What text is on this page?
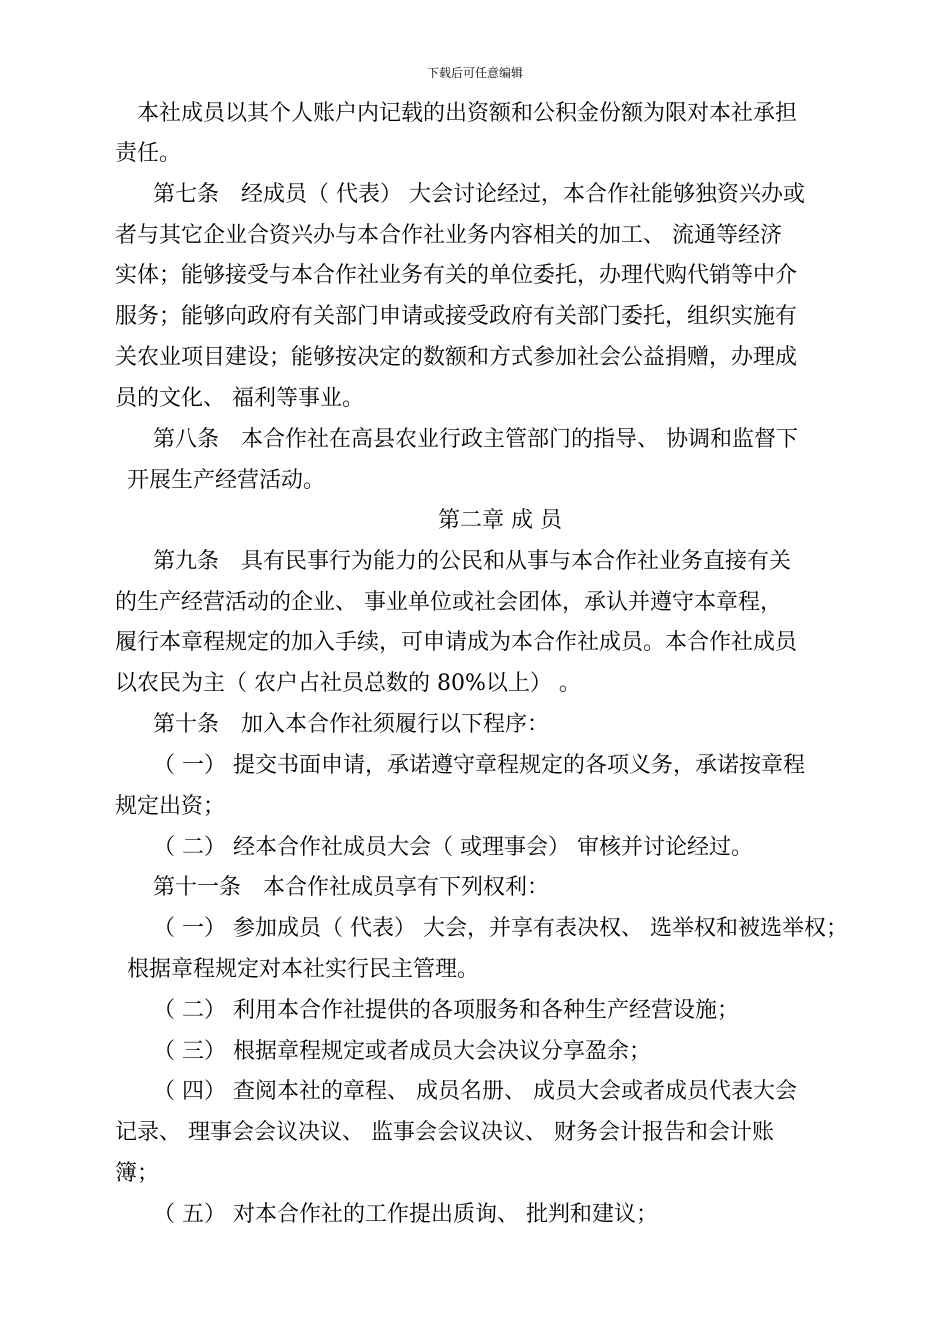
下载后可任意编辑
本社成员以其个人账户内记载的出资额和公积金份额为限对本社承担
责任。
第七条　经成员（ 代表） 大会讨论经过，本合作社能够独资兴办或
者与其它企业合资兴办与本合作社业务内容相关的加工、 流通等经济
实体；能够接受与本合作社业务有关的单位委托，办理代购代销等中介
服务；能够向政府有关部门申请或接受政府有关部门委托，组织实施有
关农业项目建设；能够按决定的数额和方式参加社会公益捐赠，办理成
员的文化、 福利等事业。
第八条　本合作社在高县农业行政主管部门的指导、 协调和监督下
开展生产经营活动。
第二章 成 员
第九条　具有民事行为能力的公民和从事与本合作社业务直接有关
的生产经营活动的企业、 事业单位或社会团体，承认并遵守本章程，
履行本章程规定的加入手续，可申请成为本合作社成员。本合作社成员
以农民为主（ 农户占社员总数的 80%以上） 。
第十条　加入本合作社须履行以下程序：
（ 一） 提交书面申请，承诺遵守章程规定的各项义务，承诺按章程
规定出资；
（ 二） 经本合作社成员大会（ 或理事会） 审核并讨论经过。
第十一条　本合作社成员享有下列权利：
（ 一） 参加成员（ 代表） 大会，并享有表决权、 选举权和被选举权；
根据章程规定对本社实行民主管理。
（ 二） 利用本合作社提供的各项服务和各种生产经营设施；
（ 三） 根据章程规定或者成员大会决议分享盈余；
（ 四） 查阅本社的章程、 成员名册、 成员大会或者成员代表大会
记录、 理事会会议决议、 监事会会议决议、 财务会计报告和会计账
簿；
（ 五） 对本合作社的工作提出质询、 批判和建议；
